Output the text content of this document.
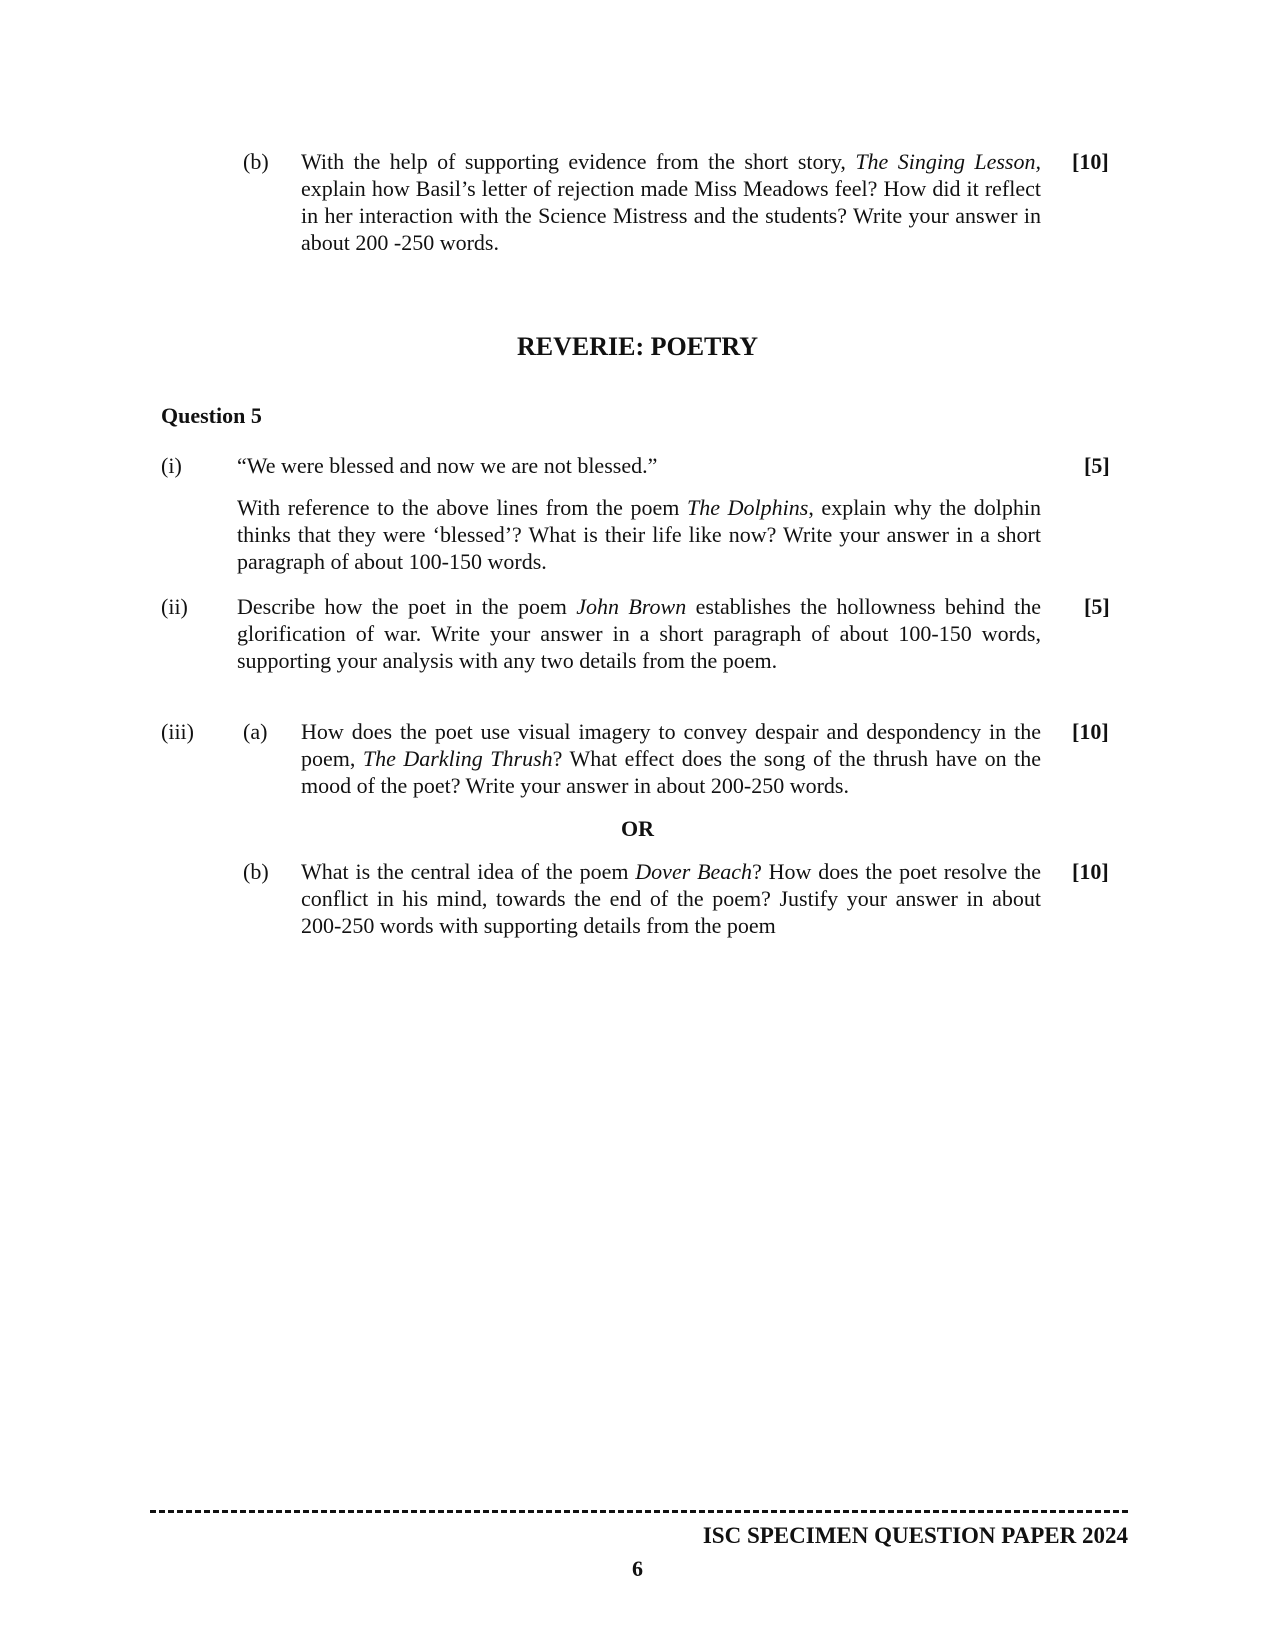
(b) With the help of supporting evidence from the short story, The Singing Lesson, explain how Basil’s letter of rejection made Miss Meadows feel? How did it reflect in her interaction with the Science Mistress and the students? Write your answer in about 200 -250 words.
[10]
REVERIE: POETRY
Question 5
(i)	“We were blessed and now we are not blessed.”	[5]
With reference to the above lines from the poem The Dolphins, explain why the dolphin thinks that they were ‘blessed’? What is their life like now? Write your answer in a short paragraph of about 100-150 words.
(ii) Describe how the poet in the poem John Brown establishes the hollowness behind the glorification of war. Write your answer in a short paragraph of about 100-150 words, supporting your analysis with any two details from the poem.
[5]
(iii) (a) How does the poet use visual imagery to convey despair and despondency in the poem, The Darkling Thrush? What effect does the song of the thrush have on the mood of the poet? Write your answer in about 200-250 words.
[10]
OR
(b) What is the central idea of the poem Dover Beach? How does the poet resolve the conflict in his mind, towards the end of the poem? Justify your answer in about 200-250 words with supporting details from the poem
[10]
ISC SPECIMEN QUESTION PAPER 2024
6
